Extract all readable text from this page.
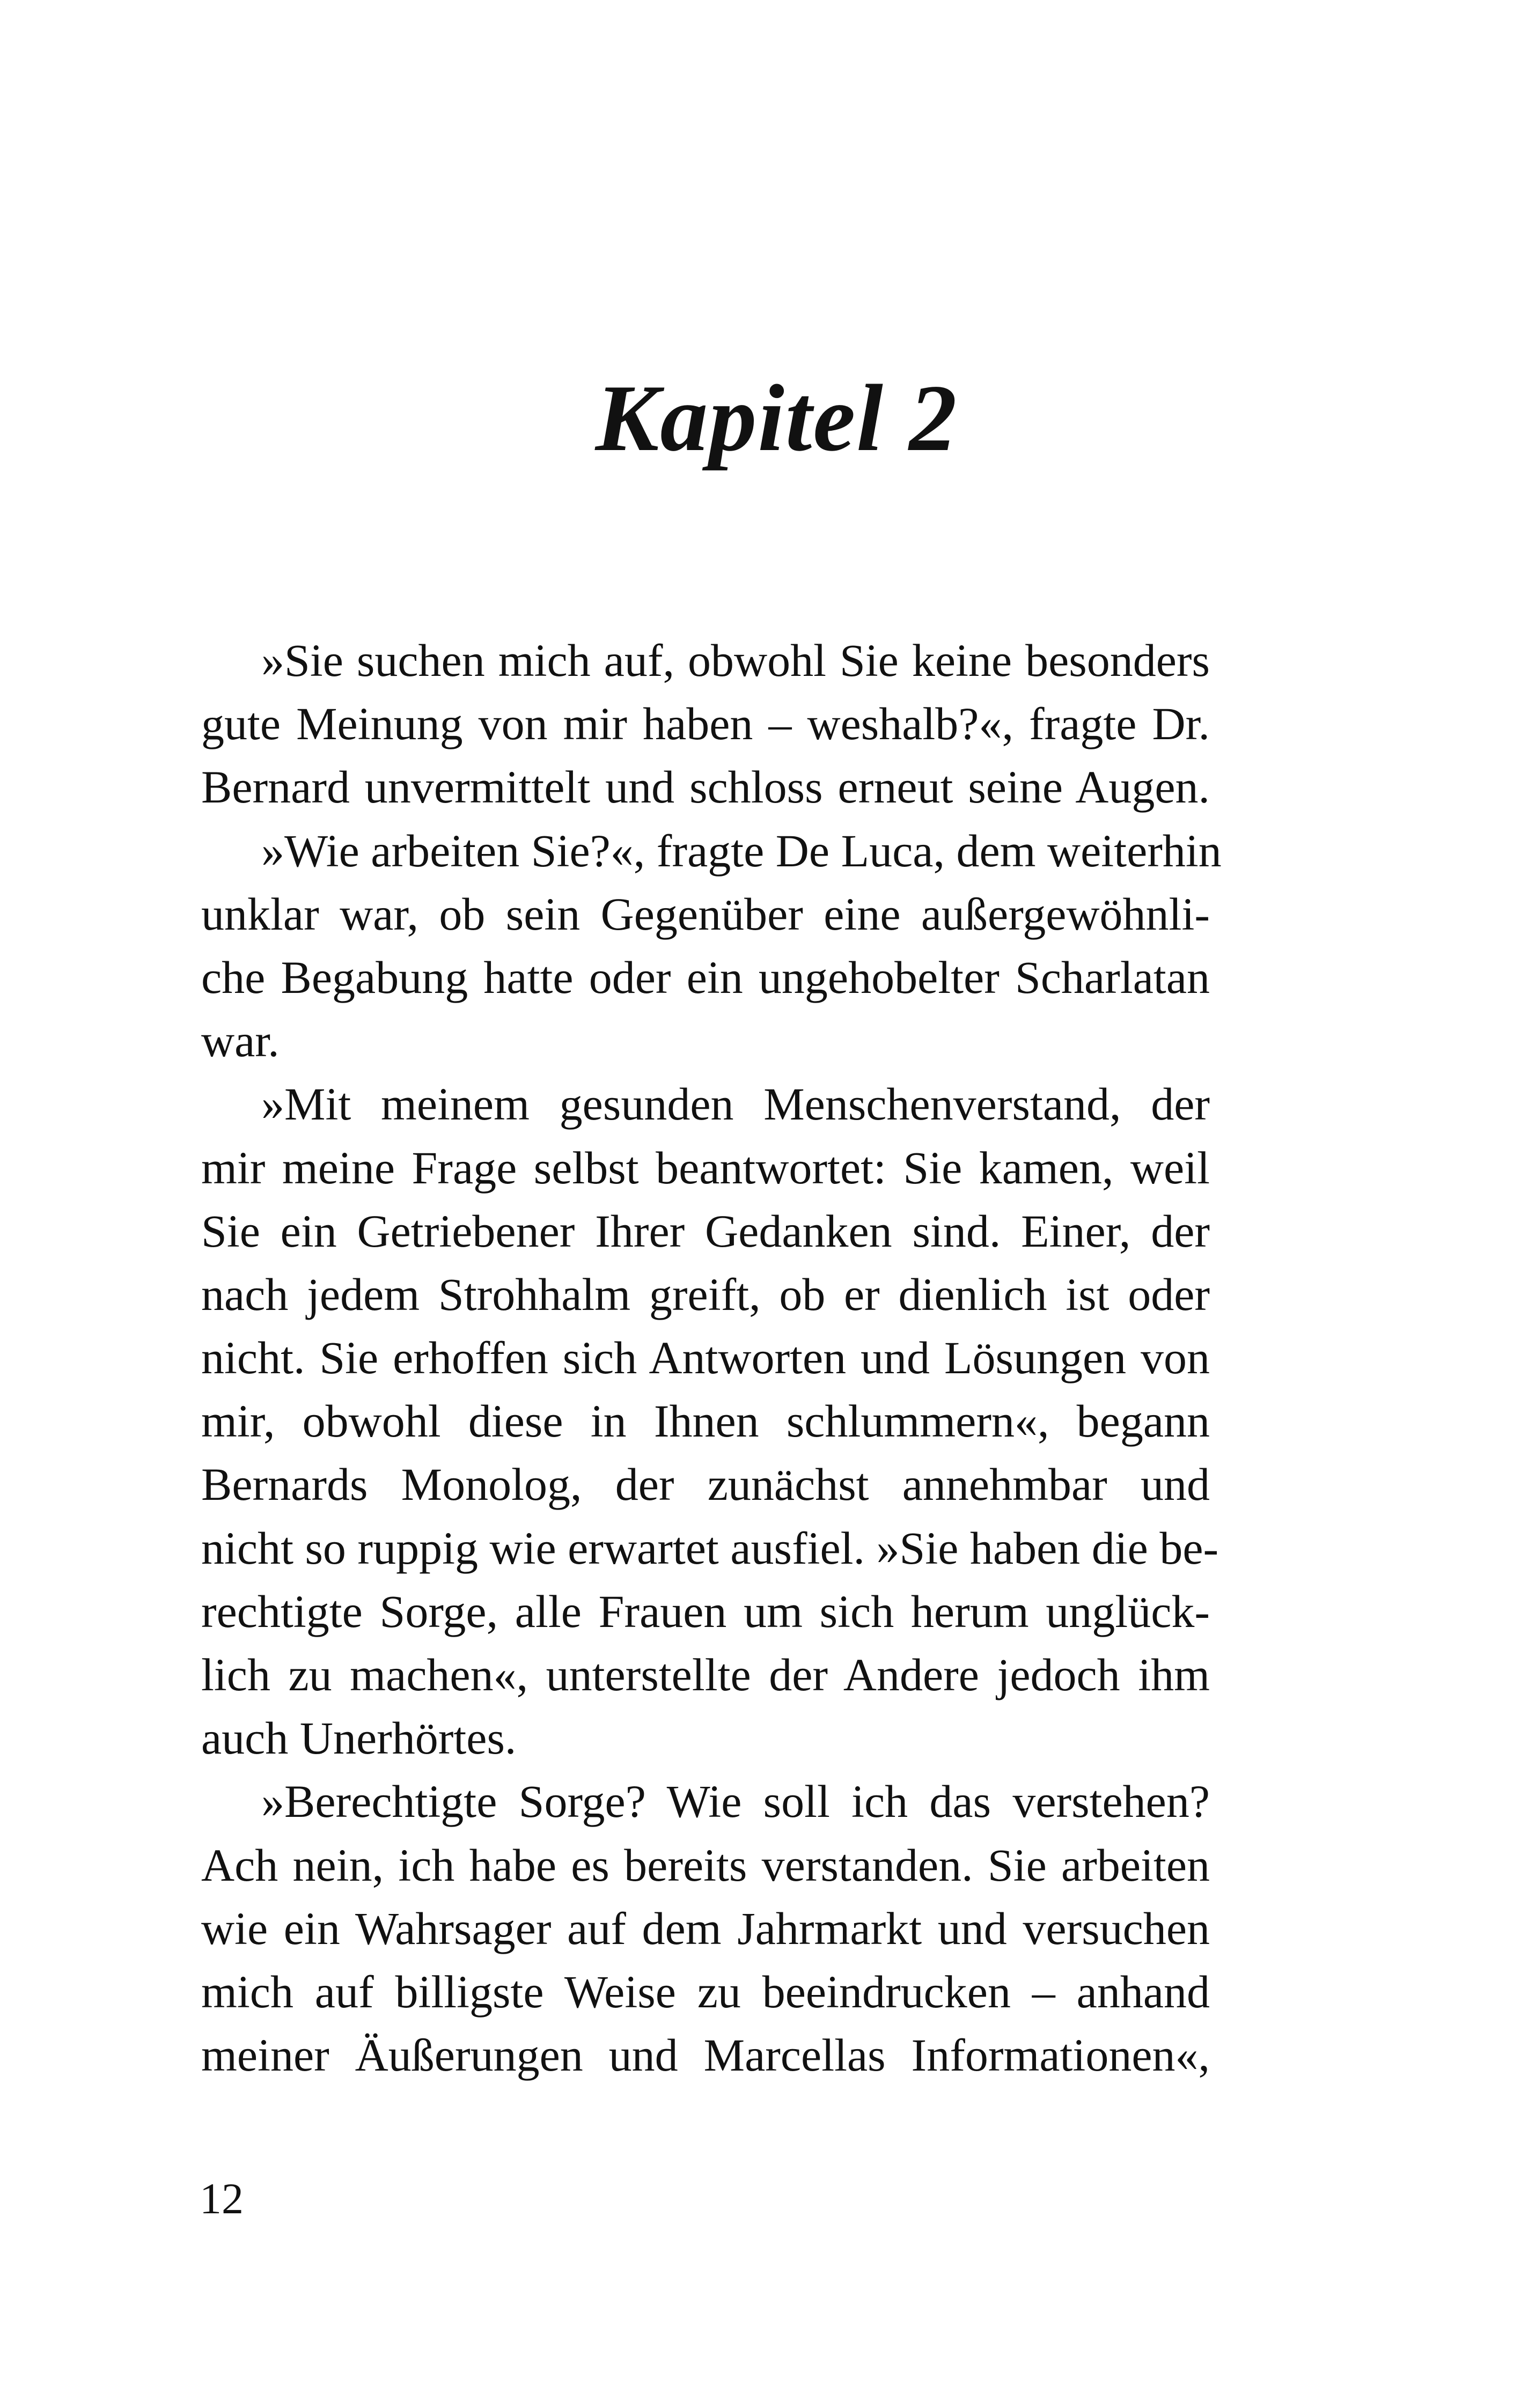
Kapitel 2
»Sie suchen mich auf, obwohl Sie keine besonders
gute Meinung von mir haben – weshalb?«, fragte Dr.
Bernard unvermittelt und schloss erneut seine Augen.
»Wie arbeiten Sie?«, fragte De Luca, dem weiterhin
unklar war, ob sein Gegenüber eine außergewöhnli-
che Begabung hatte oder ein ungehobelter Scharlatan
war.
»Mit meinem gesunden Menschenverstand, der
mir meine Frage selbst beantwortet: Sie kamen, weil
Sie ein Getriebener Ihrer Gedanken sind. Einer, der
nach jedem Strohhalm greift, ob er dienlich ist oder
nicht. Sie erhoffen sich Antworten und Lösungen von
mir, obwohl diese in Ihnen schlummern«, begann
Bernards Monolog, der zunächst annehmbar und
nicht so ruppig wie erwartet ausfiel. »Sie haben die be-
rechtigte Sorge, alle Frauen um sich herum unglück-
lich zu machen«, unterstellte der Andere jedoch ihm
auch Unerhörtes.
»Berechtigte Sorge? Wie soll ich das verstehen?
Ach nein, ich habe es bereits verstanden. Sie arbeiten
wie ein Wahrsager auf dem Jahrmarkt und versuchen
mich auf billigste Weise zu beeindrucken – anhand
meiner Äußerungen und Marcellas Informationen«,
12
